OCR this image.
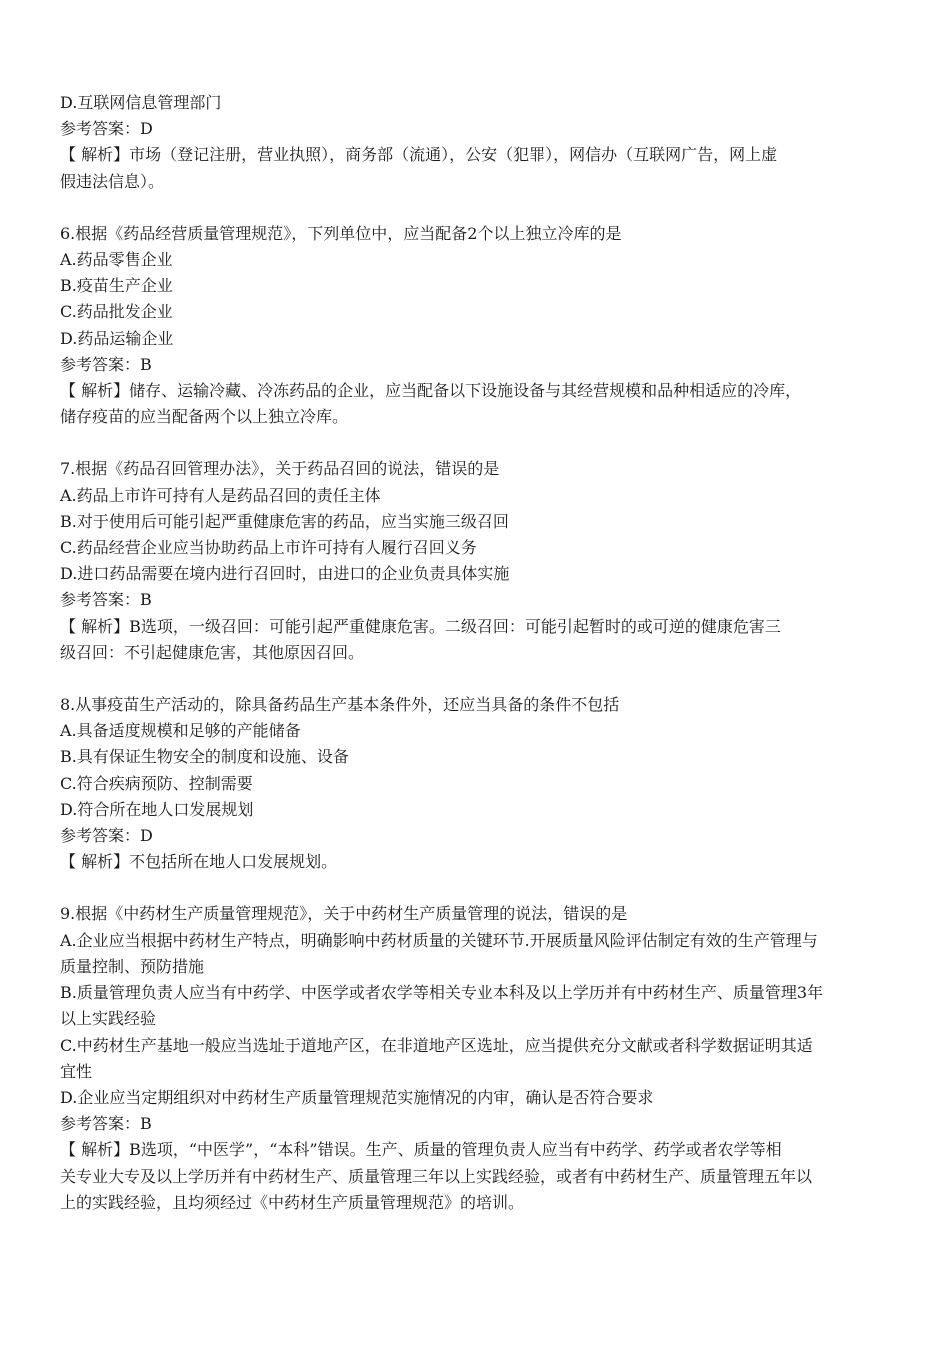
D.互联网信息管理部门
参考答案：D
【 解析】市场（登记注册，营业执照），商务部（流通），公安（犯罪），网信办（互联网广告，网上虚
假违法信息）。
6.根据《药品经营质量管理规范》，下列单位中，应当配备2个以上独立冷库的是
A.药品零售企业
B.疫苗生产企业
C.药品批发企业
D.药品运输企业
参考答案：B
【 解析】储存、运输冷藏、冷冻药品的企业，应当配备以下设施设备与其经营规模和品种相适应的冷库，
储存疫苗的应当配备两个以上独立冷库。
7.根据《药品召回管理办法》，关于药品召回的说法，错误的是
A.药品上市许可持有人是药品召回的责任主体
B.对于使用后可能引起严重健康危害的药品，应当实施三级召回
C.药品经营企业应当协助药品上市许可持有人履行召回义务
D.进口药品需要在境内进行召回时，由进口的企业负责具体实施
参考答案：B
【 解析】B选项，一级召回：可能引起严重健康危害。二级召回：可能引起暂时的或可逆的健康危害三
级召回：不引起健康危害，其他原因召回。
8.从事疫苗生产活动的，除具备药品生产基本条件外，还应当具备的条件不包括
A.具备适度规模和足够的产能储备
B.具有保证生物安全的制度和设施、设备
C.符合疾病预防、控制需要
D.符合所在地人口发展规划
参考答案：D
【 解析】不包括所在地人口发展规划。
9.根据《中药材生产质量管理规范》，关于中药材生产质量管理的说法，错误的是
A.企业应当根据中药材生产特点，明确影响中药材质量的关键环节.开展质量风险评估制定有效的生产管理与
质量控制、预防措施
B.质量管理负责人应当有中药学、中医学或者农学等相关专业本科及以上学历并有中药材生产、质量管理3年
以上实践经验
C.中药材生产基地一般应当选址于道地产区，在非道地产区选址，应当提供充分文献或者科学数据证明其适
宜性
D.企业应当定期组织对中药材生产质量管理规范实施情况的内审，确认是否符合要求
参考答案：B
【 解析】B选项，“中医学”，“本科”错误。生产、质量的管理负责人应当有中药学、药学或者农学等相
关专业大专及以上学历并有中药材生产、质量管理三年以上实践经验，或者有中药材生产、质量管理五年以
上的实践经验，且均须经过《中药材生产质量管理规范》的培训。
